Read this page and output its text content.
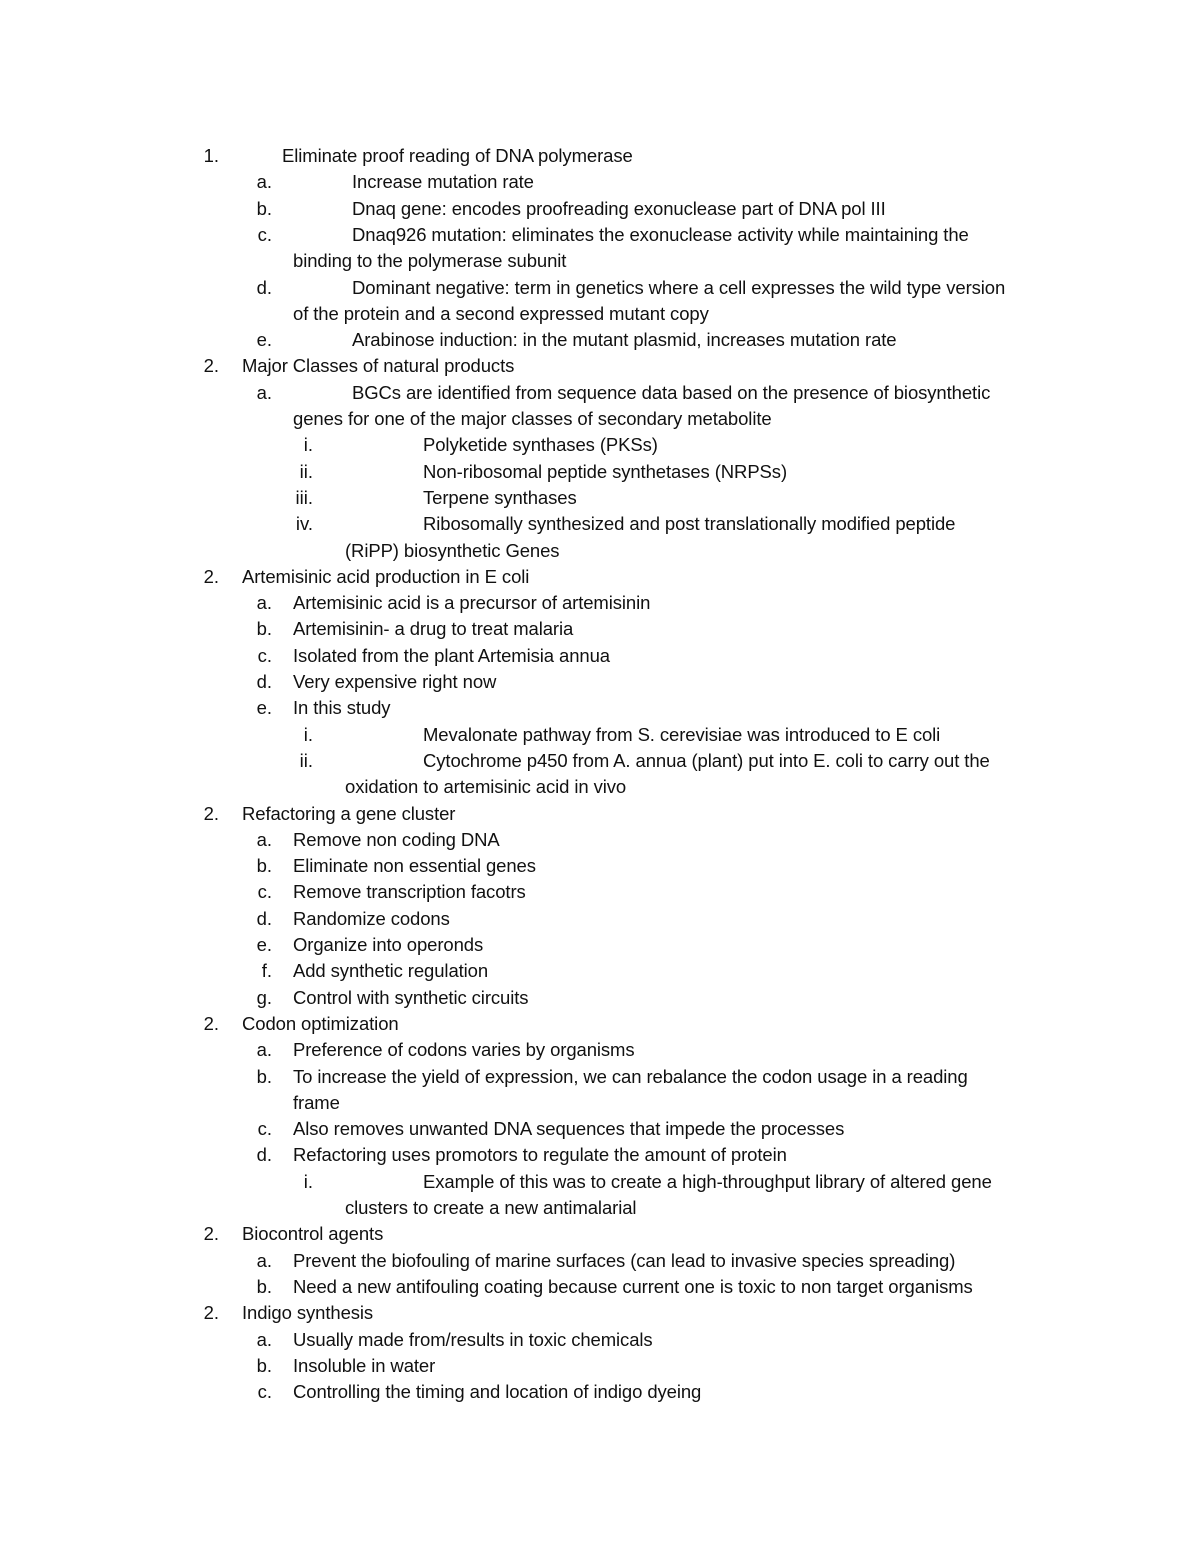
1.	Eliminate proof reading of DNA polymerase
a.	Increase mutation rate
b.	Dnaq gene: encodes proofreading exonuclease part of DNA pol III
c.	Dnaq926 mutation: eliminates the exonuclease activity while maintaining the
binding to the polymerase subunit
d.	Dominant negative: term in genetics where a cell expresses the wild type version
of the protein and a second expressed mutant copy
e.	Arabinose induction: in the mutant plasmid, increases mutation rate
2. Major Classes of natural products
a.	BGCs are identified from sequence data based on the presence of biosynthetic
genes for one of the major classes of secondary metabolite
i.	Polyketide synthases (PKSs)
ii.	Non-ribosomal peptide synthetases (NRPSs)
iii.	Terpene synthases
iv.	Ribosomally synthesized and post translationally modified peptide
(RiPP) biosynthetic Genes
2. Artemisinic acid production in E coli
a. Artemisinic acid is a precursor of artemisinin
b. Artemisinin- a drug to treat malaria
c. Isolated from the plant Artemisia annua
d. Very expensive right now
e. In this study
i.	Mevalonate pathway from S. cerevisiae was introduced to E coli
ii.	Cytochrome p450 from A. annua (plant) put into E. coli to carry out the
oxidation to artemisinic acid in vivo
2. Refactoring a gene cluster
a. Remove non coding DNA
b. Eliminate non essential genes
c. Remove transcription facotrs
d. Randomize codons
e. Organize into operonds
f. Add synthetic regulation
g. Control with synthetic circuits
2. Codon optimization
a. Preference of codons varies by organisms
b. To increase the yield of expression, we can rebalance the codon usage in a reading
frame
c. Also removes unwanted DNA sequences that impede the processes
d. Refactoring uses promotors to regulate the amount of protein
i.	Example of this was to create a high-throughput library of altered gene
clusters to create a new antimalarial
2. Biocontrol agents
a. Prevent the biofouling of marine surfaces (can lead to invasive species spreading)
b. Need a new antifouling coating because current one is toxic to non target organisms
2. Indigo synthesis
a. Usually made from/results in toxic chemicals
b. Insoluble in water
c. Controlling the timing and location of indigo dyeing
